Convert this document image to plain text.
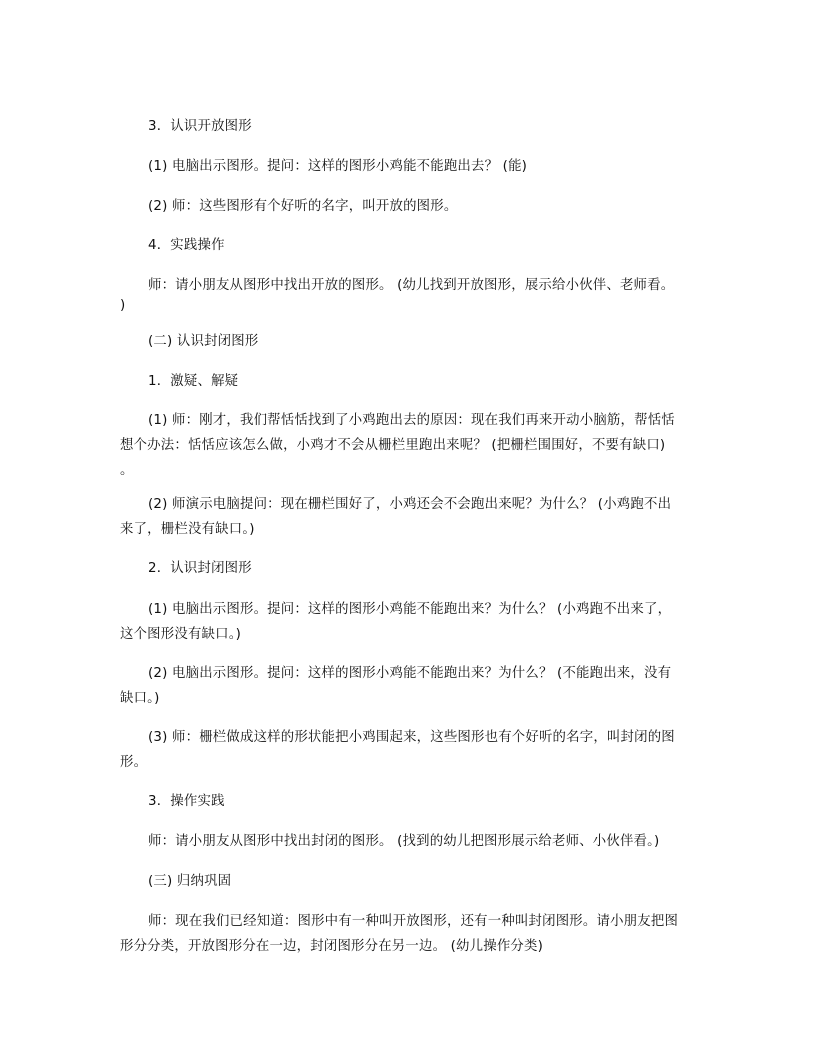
3．认识开放图形
(1) 电脑出示图形。提问：这样的图形小鸡能不能跑出去？ (能)
(2) 师：这些图形有个好听的名字，叫开放的图形。
4．实践操作
师：请小朋友从图形中找出开放的图形。 (幼儿找到开放图形，展示给小伙伴、老师看。
)
(二) 认识封闭图形
1．激疑、解疑
(1) 师：刚才，我们帮恬恬找到了小鸡跑出去的原因：现在我们再来开动小脑筋，帮恬恬
想个办法：恬恬应该怎么做，小鸡才不会从栅栏里跑出来呢？ (把栅栏围围好，不要有缺口)
。
(2) 师演示电脑提问：现在栅栏围好了，小鸡还会不会跑出来呢？为什么？ (小鸡跑不出
来了，栅栏没有缺口。)
2．认识封闭图形
(1) 电脑出示图形。提问：这样的图形小鸡能不能跑出来？为什么？ (小鸡跑不出来了，
这个图形没有缺口。)
(2) 电脑出示图形。提问：这样的图形小鸡能不能跑出来？为什么？ (不能跑出来，没有
缺口。)
(3) 师：栅栏做成这样的形状能把小鸡围起来，这些图形也有个好听的名字，叫封闭的图
形。
3．操作实践
师：请小朋友从图形中找出封闭的图形。 (找到的幼儿把图形展示给老师、小伙伴看。)
(三) 归纳巩固
师：现在我们已经知道：图形中有一种叫开放图形，还有一种叫封闭图形。请小朋友把图
形分分类，开放图形分在一边，封闭图形分在另一边。 (幼儿操作分类)
